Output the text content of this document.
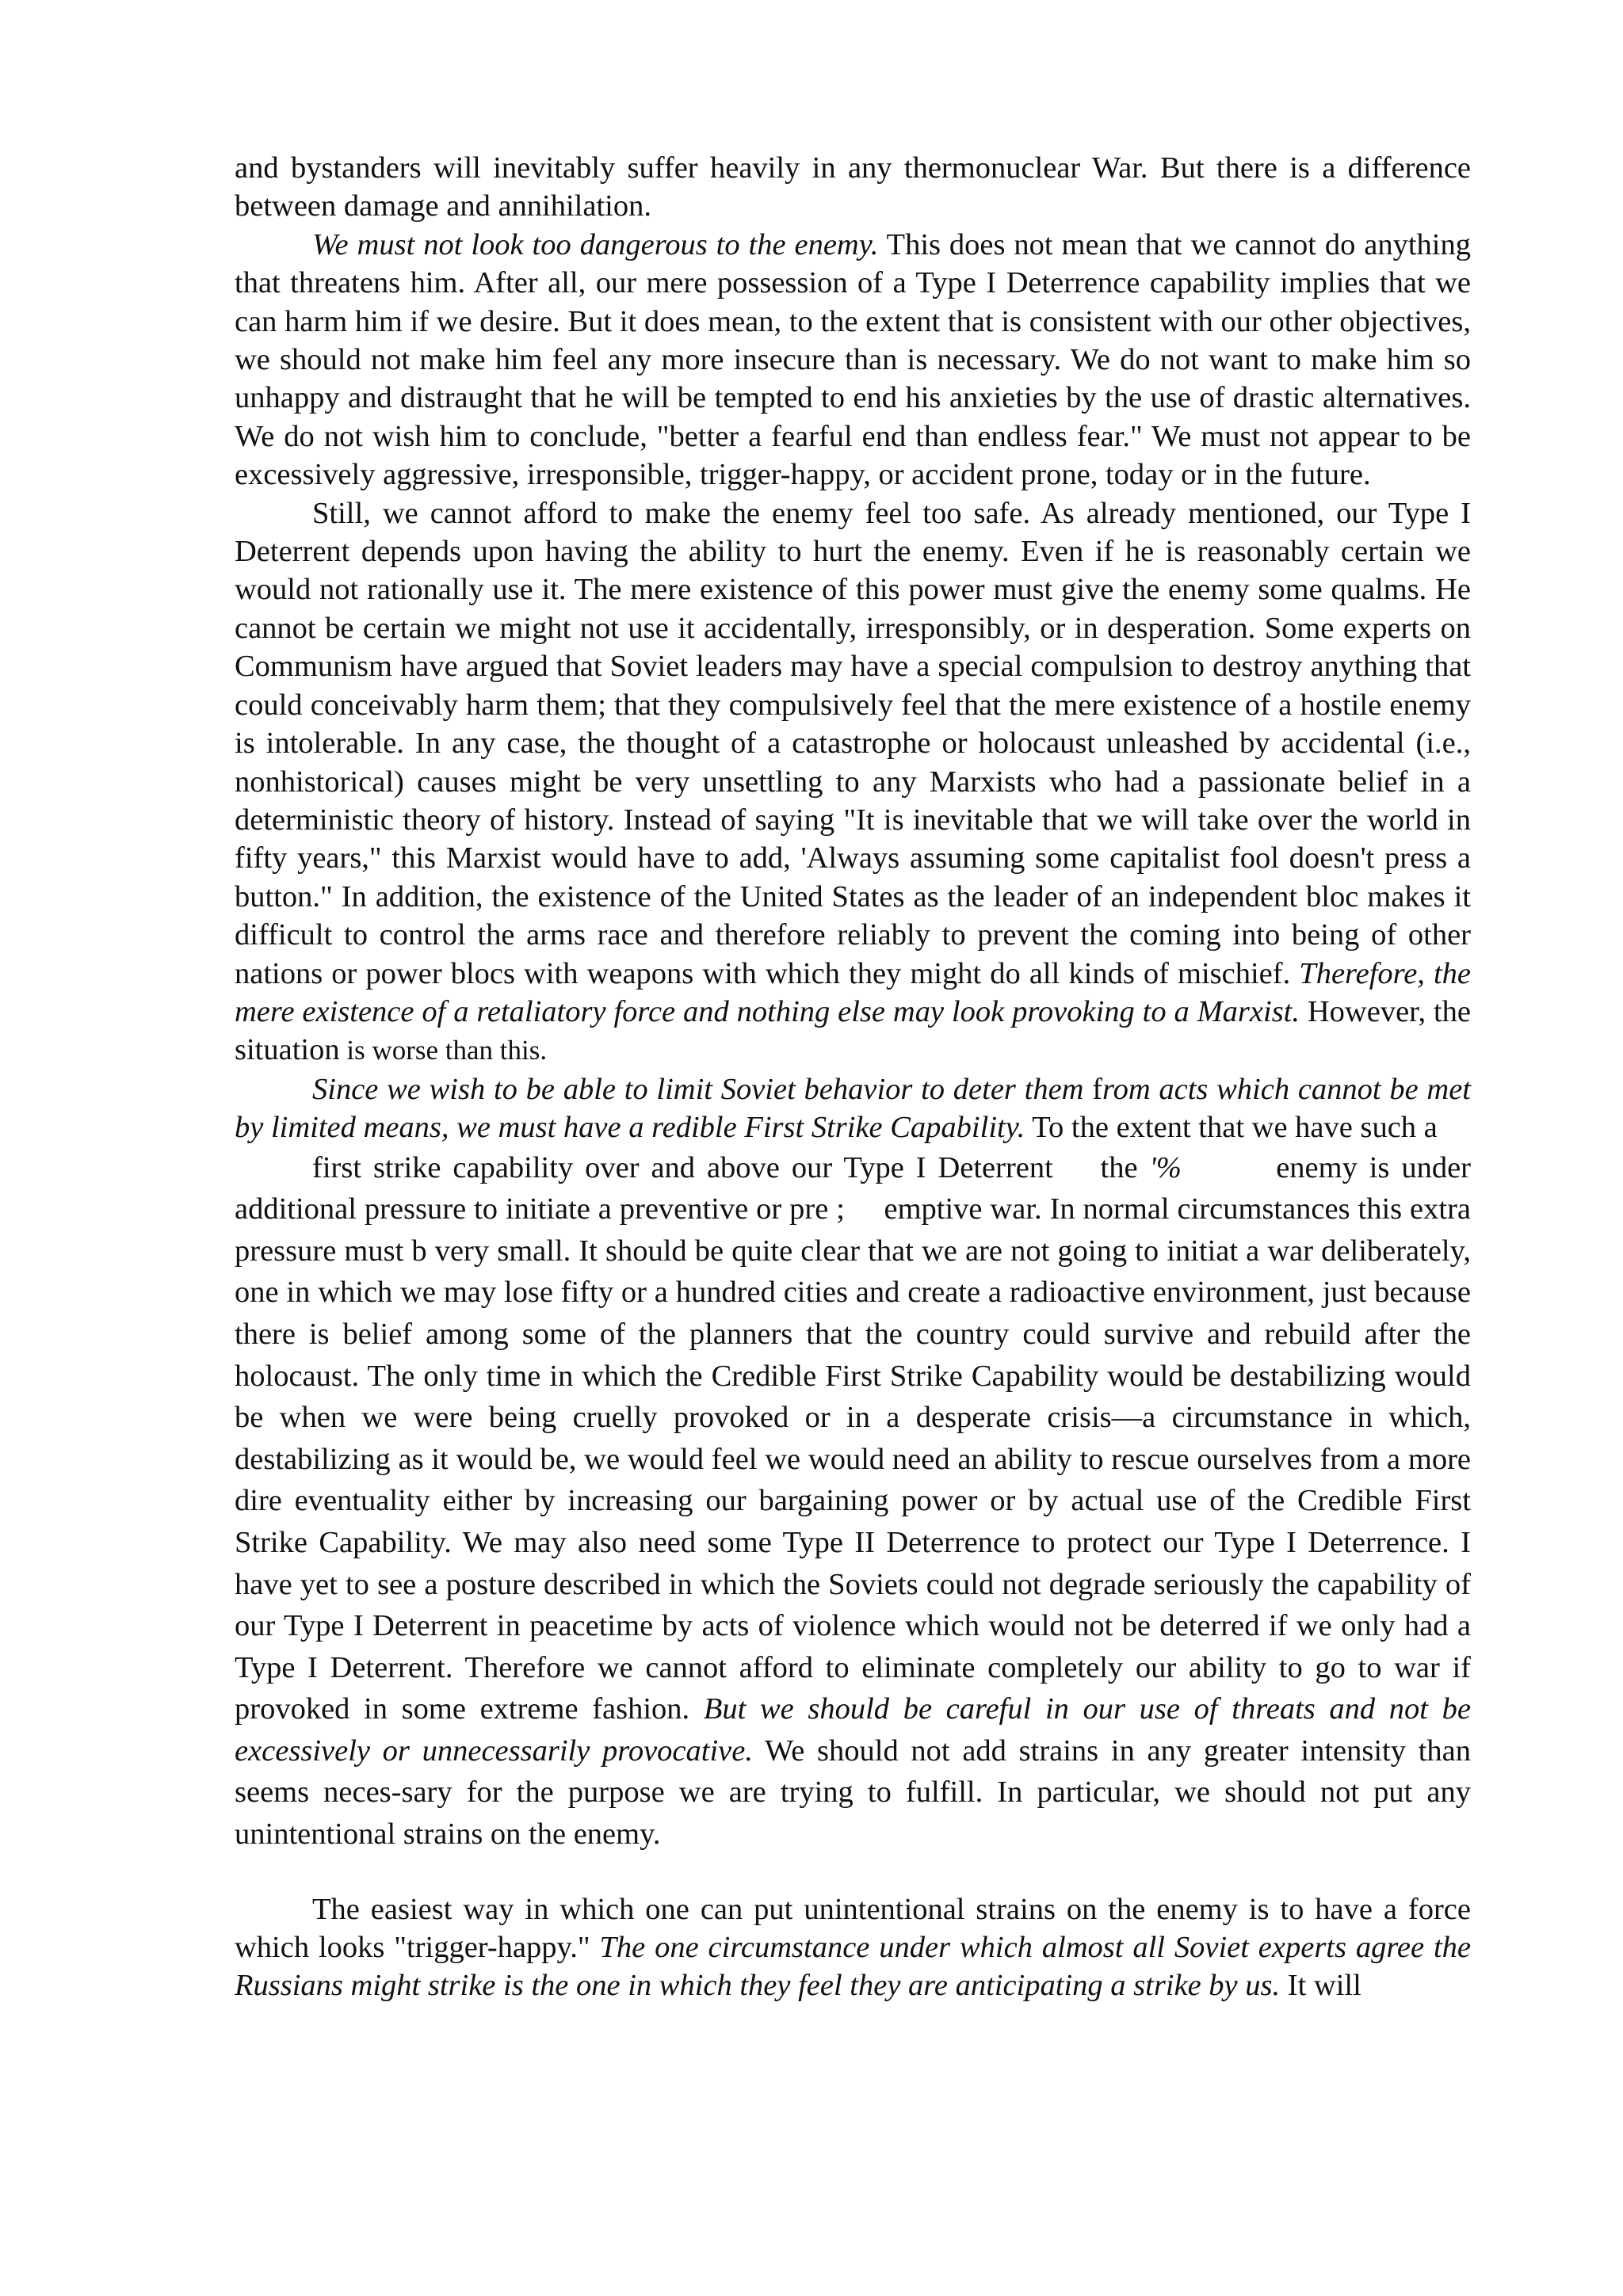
and bystanders will inevitably suffer heavily in any thermonuclear War. But there is a difference between damage and annihilation.

We must not look too dangerous to the enemy. This does not mean that we cannot do anything that threatens him. After all, our mere possession of a Type I Deterrence capability implies that we can harm him if we desire. But it does mean, to the extent that is consistent with our other objectives, we should not make him feel any more insecure than is necessary. We do not want to make him so unhappy and distraught that he will be tempted to end his anxieties by the use of drastic alternatives. We do not wish him to conclude, "better a fearful end than endless fear." We must not appear to be excessively aggressive, irresponsible, trigger-happy, or accident prone, today or in the future.

Still, we cannot afford to make the enemy feel too safe. As already mentioned, our Type I Deterrent depends upon having the ability to hurt the enemy. Even if he is reasonably certain we would not rationally use it. The mere existence of this power must give the enemy some qualms. He cannot be certain we might not use it accidentally, irresponsibly, or in desperation. Some experts on Communism have argued that Soviet leaders may have a special compulsion to destroy anything that could conceivably harm them; that they compulsively feel that the mere existence of a hostile enemy is intolerable. In any case, the thought of a catastrophe or holocaust unleashed by accidental (i.e., nonhistorical) causes might be very unsettling to any Marxists who had a passionate belief in a deterministic theory of history. Instead of saying "It is inevitable that we will take over the world in fifty years," this Marxist would have to add, 'Always assuming some capitalist fool doesn't press a button." In addition, the existence of the United States as the leader of an independent bloc makes it difficult to control the arms race and therefore reliably to prevent the coming into being of other nations or power blocs with weapons with which they might do all kinds of mischief. Therefore, the mere existence of a retaliatory force and nothing else may look provoking to a Marxist. However, the situation is worse than this.

Since we wish to be able to limit Soviet behavior to deter them from acts which cannot be met by limited means, we must have a redible First Strike Capability. To the extent that we have such a

first strike capability over and above our Type I Deterrent    the '%        enemy is under additional pressure to initiate a preventive or pre ;     emptive war. In normal circumstances this extra pressure must b very small. It should be quite clear that we are not going to initiat a war deliberately, one in which we may lose fifty or a hundred cities and create a radioactive environment, just because there is belief among some of the planners that the country could survive and rebuild after the holocaust. The only time in which the Credible First Strike Capability would be destabilizing would be when we were being cruelly provoked or in a desperate crisis—a circumstance in which, destabilizing as it would be, we would feel we would need an ability to rescue ourselves from a more dire eventuality either by increasing our bargaining power or by actual use of the Credible First Strike Capability. We may also need some Type II Deterrence to protect our Type I Deterrence. I have yet to see a posture described in which the Soviets could not degrade seriously the capability of our Type I Deterrent in peacetime by acts of violence which would not be deterred if we only had a Type I Deterrent. Therefore we cannot afford to eliminate completely our ability to go to war if provoked in some extreme fashion. But we should be careful in our use of threats and not be excessively or unnecessarily provocative. We should not add strains in any greater intensity than seems neces-sary for the purpose we are trying to fulfill. In particular, we should not put any unintentional strains on the enemy.

The easiest way in which one can put unintentional strains on the enemy is to have a force which looks "trigger-happy." The one circumstance under which almost all Soviet experts agree the Russians might strike is the one in which they feel they are anticipating a strike by us. It will
